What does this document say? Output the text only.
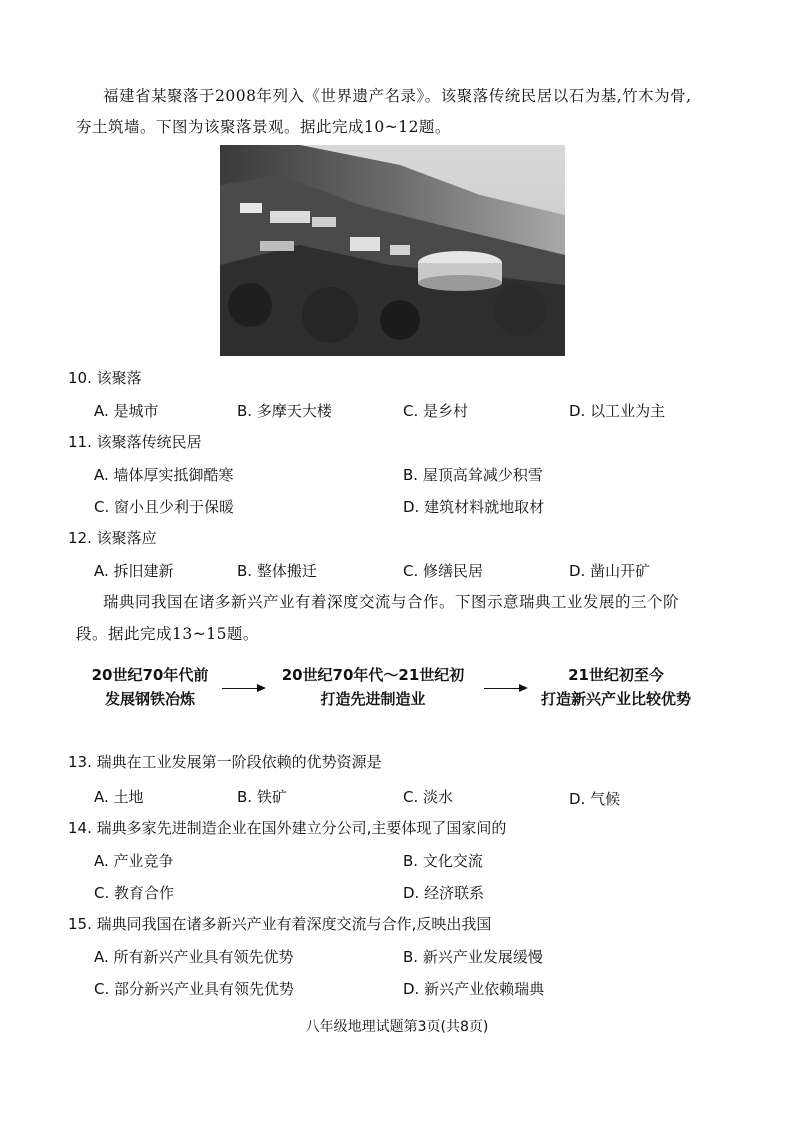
福建省某聚落于2008年列入《世界遗产名录》。该聚落传统民居以石为基,竹木为骨,
夯土筑墙。下图为该聚落景观。据此完成10~12题。
10. 该聚落
A. 是城市	B. 多摩天大楼	C. 是乡村	D. 以工业为主
11. 该聚落传统民居
A. 墙体厚实抵御酷寒	B. 屋顶高耸减少积雪
C. 窗小且少利于保暖	D. 建筑材料就地取材
12. 该聚落应
A. 拆旧建新	B. 整体搬迁	C. 修缮民居	D. 凿山开矿
瑞典同我国在诸多新兴产业有着深度交流与合作。下图示意瑞典工业发展的三个阶
段。据此完成13~15题。
20世纪70年代前
发展钢铁冶炼
20世纪70年代～21世纪初
打造先进制造业
21世纪初至今
打造新兴产业比较优势
13. 瑞典在工业发展第一阶段依赖的优势资源是
A. 土地	B. 铁矿	C. 淡水	D. 气候
14. 瑞典多家先进制造企业在国外建立分公司,主要体现了国家间的
A. 产业竞争	B. 文化交流
C. 教育合作	D. 经济联系
15. 瑞典同我国在诸多新兴产业有着深度交流与合作,反映出我国
A. 所有新兴产业具有领先优势	B. 新兴产业发展缓慢
C. 部分新兴产业具有领先优势	D. 新兴产业依赖瑞典
八年级地理试题第3页(共8页)
